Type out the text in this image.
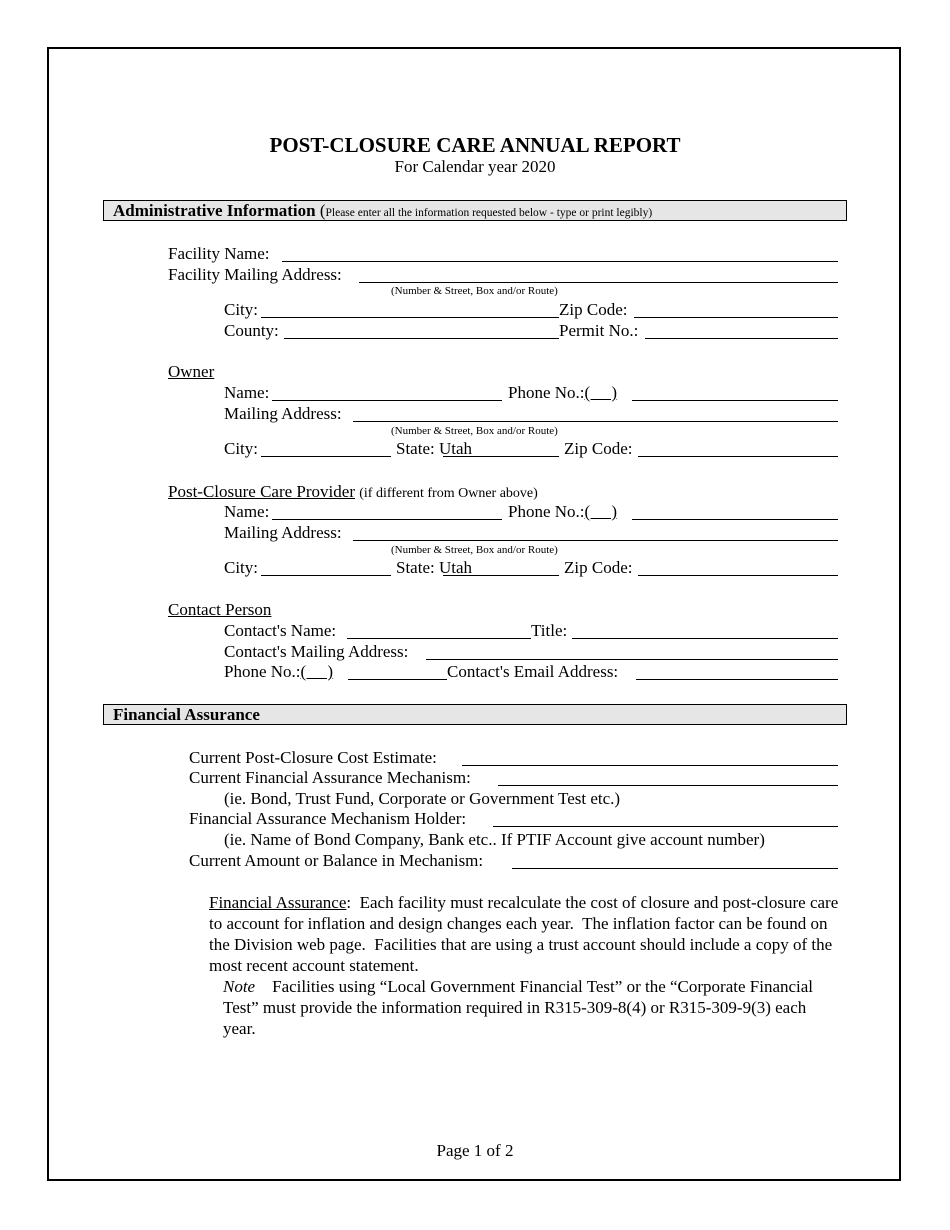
POST-CLOSURE CARE ANNUAL REPORT
For Calendar year 2020
Administrative Information (Please enter all the information requested below - type or print legibly)
Facility Name:
Facility Mailing Address:
(Number & Street, Box and/or Route)
City:	Zip Code:
County:	Permit No.:
Owner
Name:	Phone No.:(     )
Mailing Address:
(Number & Street, Box and/or Route)
City:	State: Utah	Zip Code:
Post-Closure Care Provider (if different from Owner above)
Name:	Phone No.:(     )
Mailing Address:
(Number & Street, Box and/or Route)
City:	State: Utah	Zip Code:
Contact Person
Contact's Name:	Title:
Contact's Mailing Address:
Phone No.:(     )	Contact's Email Address:
Financial Assurance
Current Post-Closure Cost Estimate:
Current Financial Assurance Mechanism:
(ie. Bond, Trust Fund, Corporate or Government Test etc.)
Financial Assurance Mechanism Holder:
(ie. Name of Bond Company, Bank etc.. If PTIF Account give account number)
Current Amount or Balance in Mechanism:
Financial Assurance:  Each facility must recalculate the cost of closure and post-closure care to account for inflation and design changes each year.  The inflation factor can be found on the Division web page.  Facilities that are using a trust account should include a copy of the most recent account statement.
Note Facilities using “Local Government Financial Test” or the “Corporate Financial Test” must provide the information required in R315-309-8(4) or R315-309-9(3) each year.
Page 1 of 2
